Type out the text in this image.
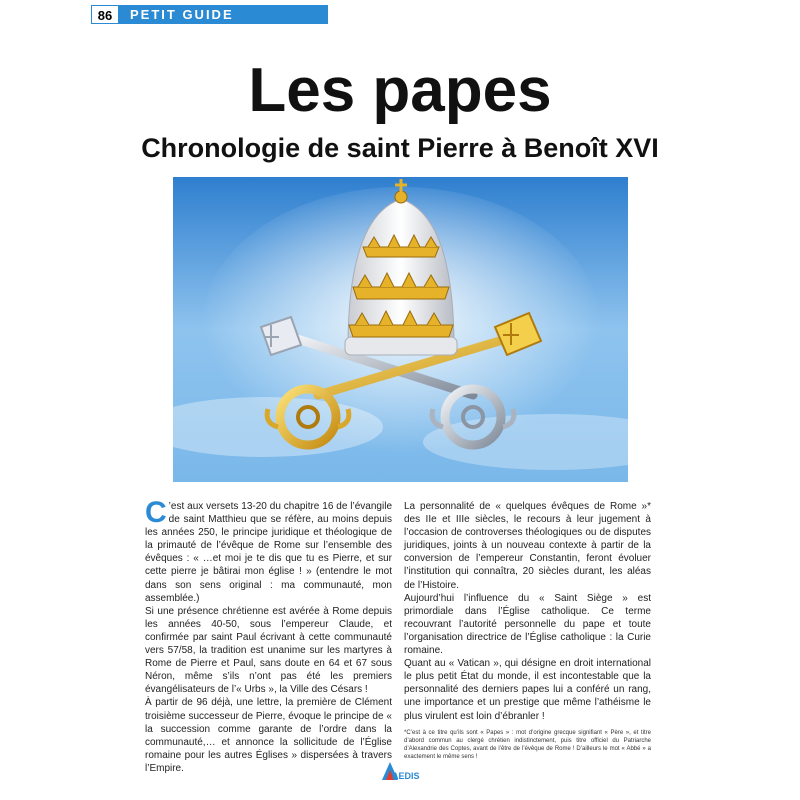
86	PETIT GUIDE
Les papes
Chronologie de saint Pierre à Benoît XVI

C ’est aux versets 13-20 du chapitre 16 de l’évangile de saint Matthieu que se réfère, au moins depuis les années 250, le principe juridique et théologique de la primauté de l’évêque de Rome sur l’ensemble des évêques : « …et moi je te dis que tu es Pierre, et sur cette pierre je bâtirai mon église ! » (entendre le mot dans son sens original : ma communauté, mon assemblée.)

Si une présence chrétienne est avérée à Rome depuis les années 40-50, sous l’empereur Claude, et confirmée par saint Paul écrivant à cette communauté vers 57/58, la tradition est unanime sur les martyres à Rome de Pierre et Paul, sans doute en 64 et 67 sous Néron, même s’ils n’ont pas été les premiers évangélisateurs de l’« Urbs », la Ville des Césars !

À partir de 96 déjà, une lettre, la première de Clément troisième successeur de Pierre, évoque le principe de « la succession comme garante de l’ordre dans la communauté,… et annonce la sollicitude de l’Église romaine pour les autres Églises » dispersées à travers l’Empire.

La personnalité de « quelques évêques de Rome »* des IIe et IIIe siècles, le recours à leur jugement à l’occasion de controverses théologiques ou de disputes juridiques, joints à un nouveau contexte à partir de la conversion de l’empereur Constantin, feront évoluer l’institution qui connaîtra, 20 siècles durant, les aléas de l’Histoire.

Aujourd’hui l’influence du « Saint Siège » est primordiale dans l’Église catholique. Ce terme recouvrant l’autorité personnelle du pape et toute l’organisation directrice de l’Église catholique : la Curie romaine.

Quant au « Vatican », qui désigne en droit international le plus petit État du monde, il est incontestable que la personnalité des derniers papes lui a conféré un rang, une importance et un prestige que même l’athéisme le plus virulent est loin d’ébranler !

*C’est à ce titre qu’ils sont « Papes » : mot d’origine grecque signifiant « Père », et titre d’abord commun au clergé chrétien indistinctement, puis titre officiel du Patriarche d’Alexandrie des Coptes, avant de l’être de l’évêque de Rome ! D’ailleurs le mot « Abbé » a exactement le même sens !

AEDIS
